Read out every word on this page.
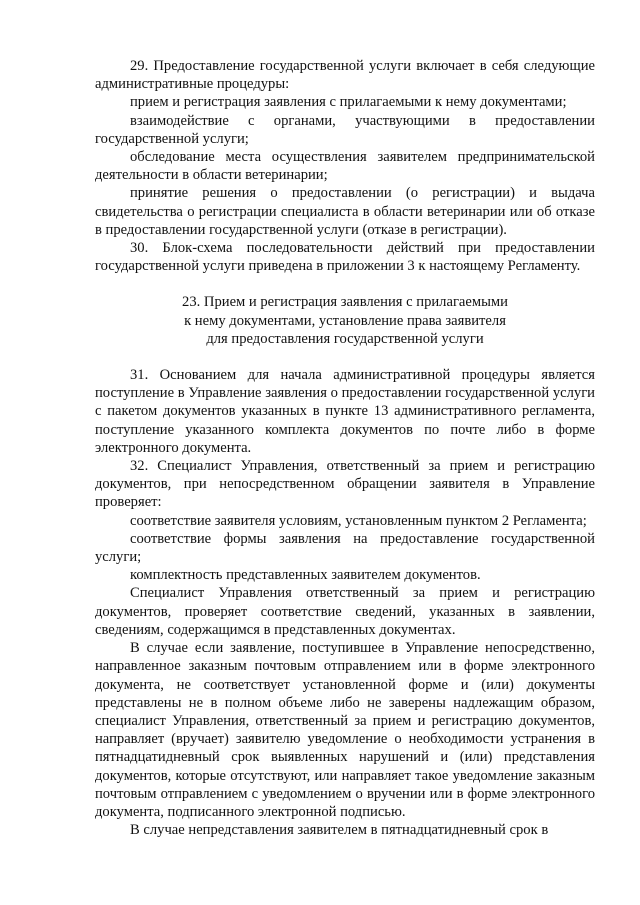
29. Предоставление государственной услуги включает в себя следующие административные процедуры:

прием и регистрация заявления с прилагаемыми к нему документами;

взаимодействие с органами, участвующими в предоставлении государственной услуги;

обследование места осуществления заявителем предпринимательской деятельности в области ветеринарии;

принятие решения о предоставлении (о регистрации) и выдача свидетельства о регистрации специалиста в области ветеринарии или об отказе в предоставлении государственной услуги (отказе в регистрации).

30. Блок-схема последовательности действий при предоставлении государственной услуги приведена в приложении 3 к настоящему Регламенту.

23. Прием и регистрация заявления с прилагаемыми
к нему документами, установление права заявителя
для предоставления государственной услуги

31. Основанием для начала административной процедуры является поступление в Управление заявления о предоставлении государственной услуги с пакетом документов указанных в пункте 13 административного регламента, поступление указанного комплекта документов по почте либо в форме электронного документа.

32. Специалист Управления, ответственный за прием и регистрацию документов, при непосредственном обращении заявителя в Управление проверяет:

соответствие заявителя условиям, установленным пунктом 2 Регламента;

соответствие формы заявления на предоставление государственной услуги;

комплектность представленных заявителем документов.

Специалист Управления ответственный за прием и регистрацию документов, проверяет соответствие сведений, указанных в заявлении, сведениям, содержащимся в представленных документах.

В случае если заявление, поступившее в Управление непосредственно, направленное заказным почтовым отправлением или в форме электронного документа, не соответствует установленной форме и (или) документы представлены не в полном объеме либо не заверены надлежащим образом, специалист Управления, ответственный за прием и регистрацию документов, направляет (вручает) заявителю уведомление о необходимости устранения в пятнадцатидневный срок выявленных нарушений и (или) представления документов, которые отсутствуют, или направляет такое уведомление заказным почтовым отправлением с уведомлением о вручении или в форме электронного документа, подписанного электронной подписью.

В случае непредставления заявителем в пятнадцатидневный срок в
